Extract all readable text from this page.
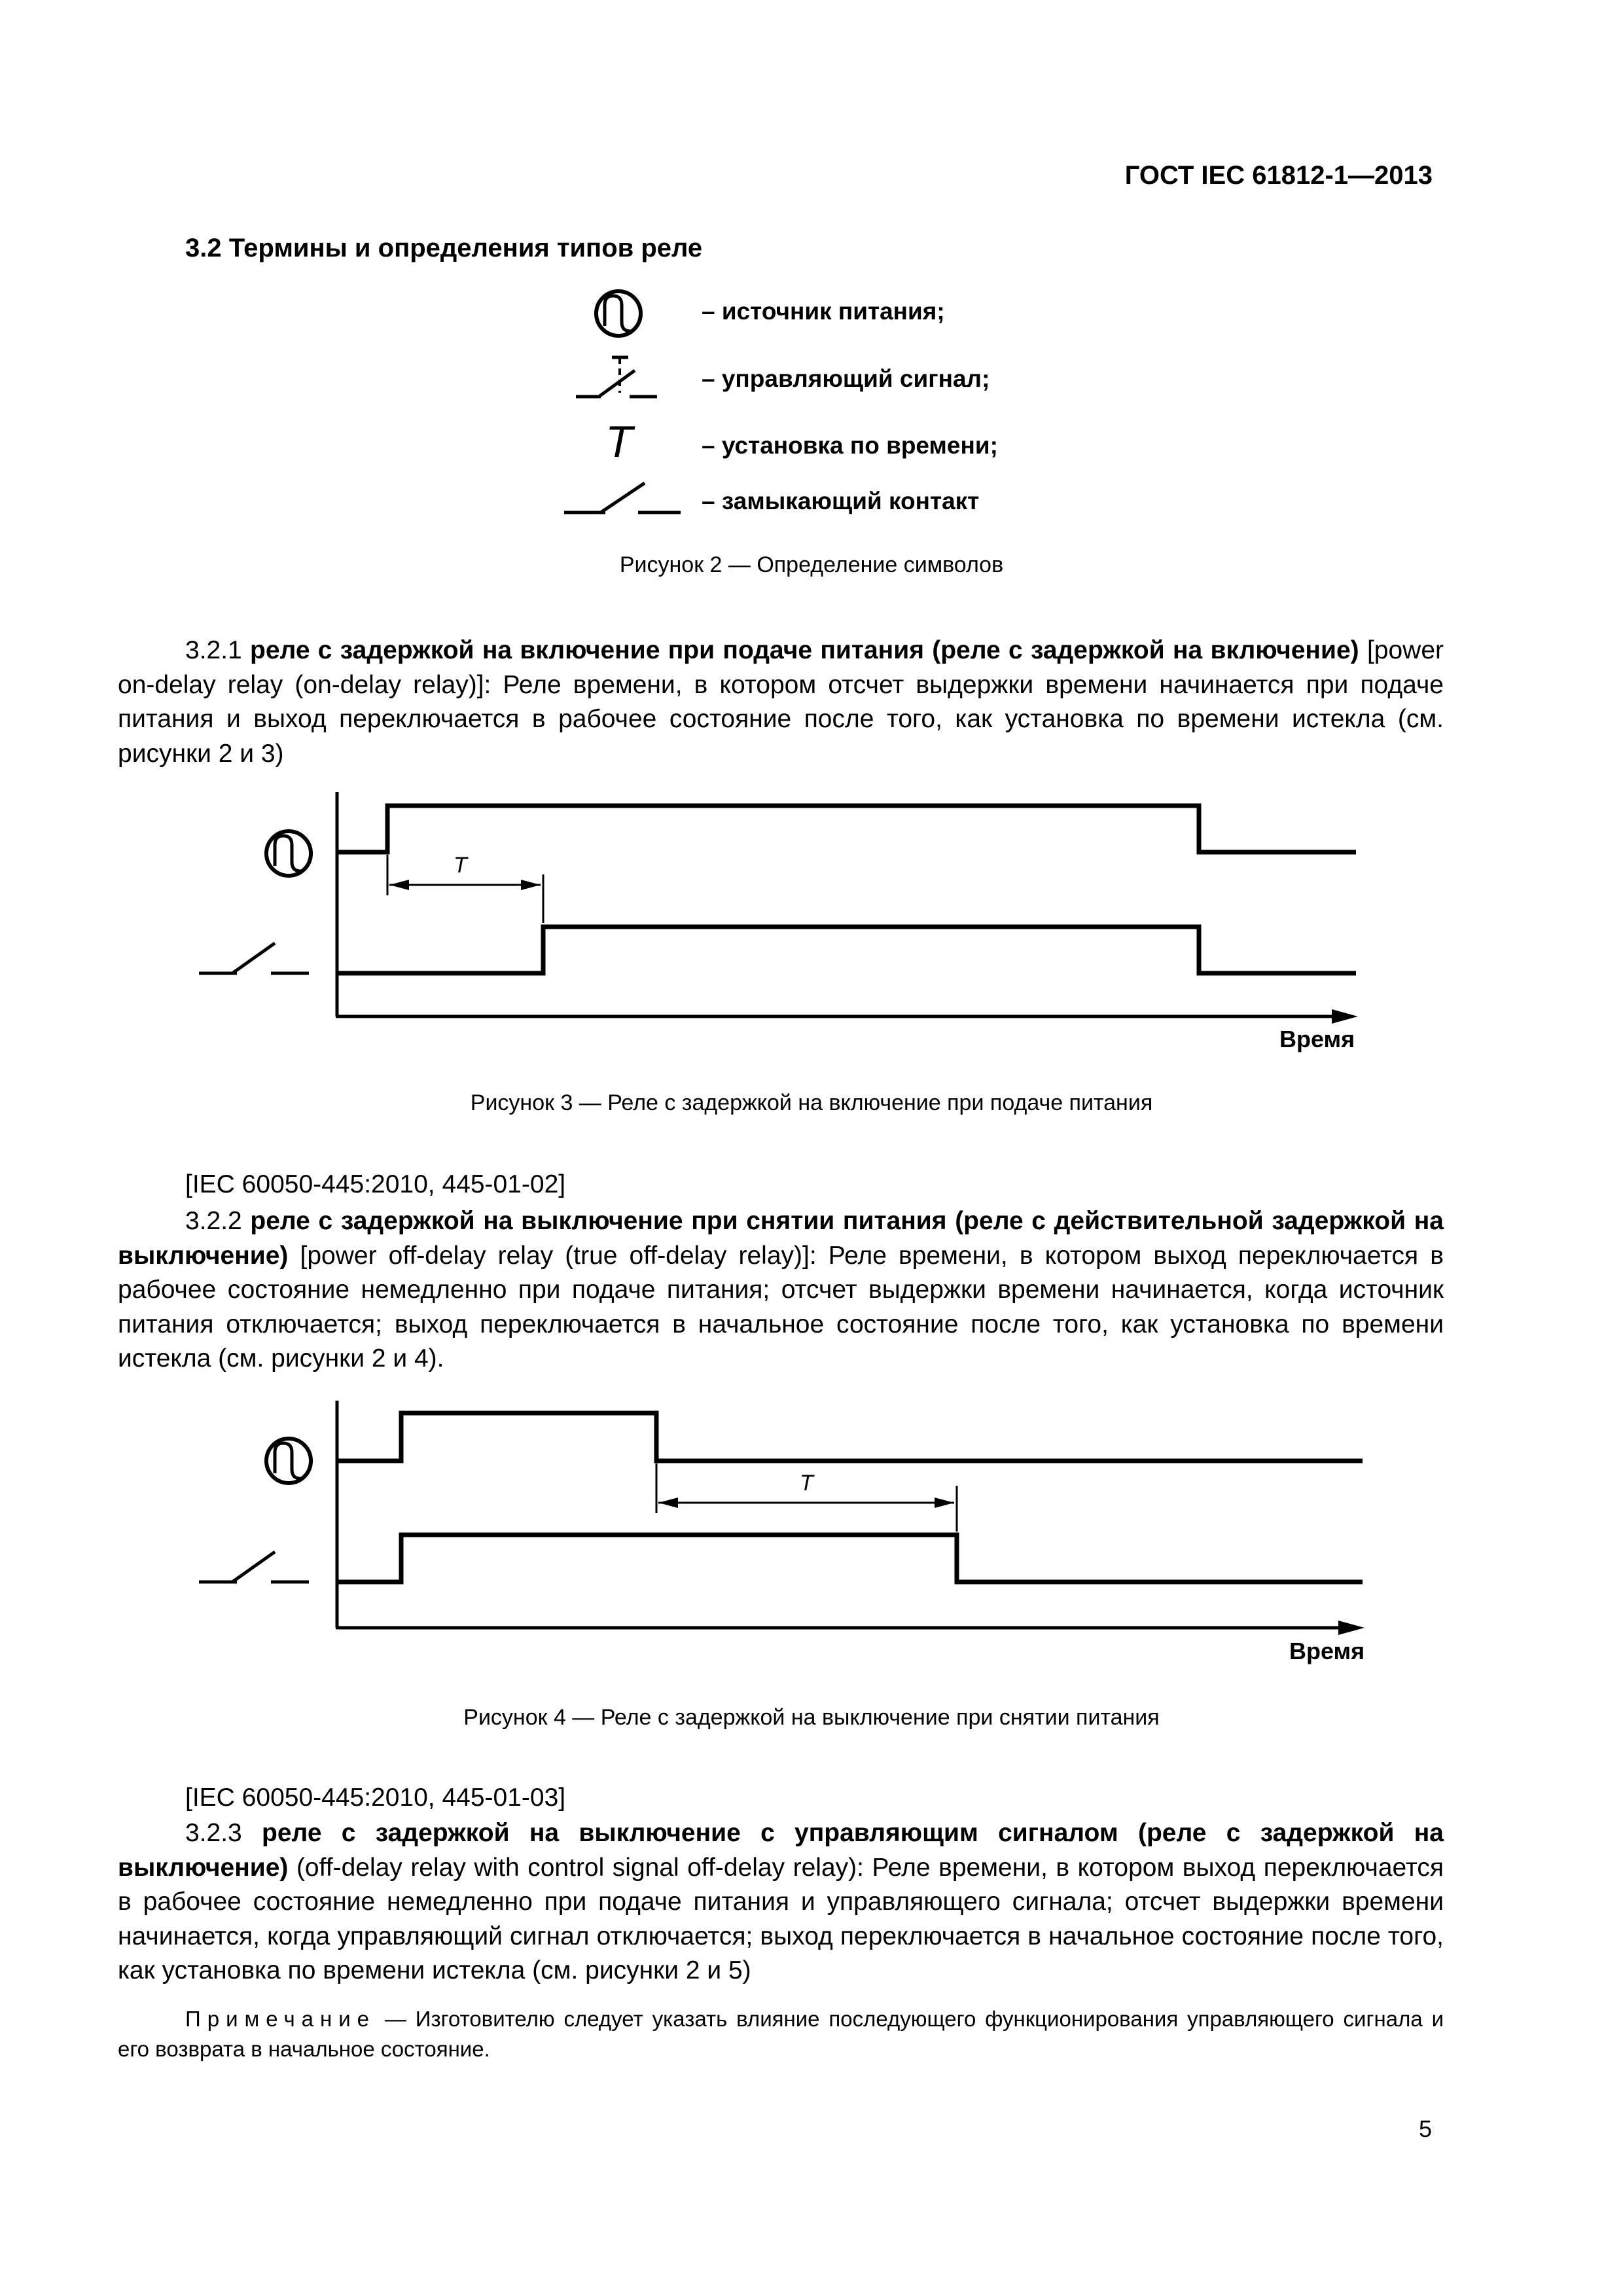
ГОСТ IEC 61812-1—2013
3.2 Термины и определения типов реле
– источник питания;
– управляющий сигнал;
T	– установка по времени;
– замыкающий контакт
Рисунок 2 — Определение символов
3.2.1 реле с задержкой на включение при подаче питания (реле с задержкой на включение) [power on-delay relay (on-delay relay)]: Реле времени, в котором отсчет выдержки времени начинается при подаче питания и выход переключается в рабочее состояние после того, как установка по времени истекла (см. рисунки 2 и 3)
T
Время
Рисунок 3 — Реле с задержкой на включение при подаче питания
[IEC 60050-445:2010, 445-01-02]
3.2.2 реле с задержкой на выключение при снятии питания (реле с действительной задержкой на выключение) [power off-delay relay (true off-delay relay)]: Реле времени, в котором выход переключается в рабочее состояние немедленно при подаче питания; отсчет выдержки времени начинается, когда источник питания отключается; выход переключается в начальное состояние после того, как установка по времени истекла (см. рисунки 2 и 4).
T
Время
Рисунок 4 — Реле с задержкой на выключение при снятии питания
[IEC 60050-445:2010, 445-01-03]
3.2.3 реле с задержкой на выключение с управляющим сигналом (реле с задержкой на выключение) (off-delay relay with control signal off-delay relay): Реле времени, в котором выход переключается в рабочее состояние немедленно при подаче питания и управляющего сигнала; отсчет выдержки времени начинается, когда управляющий сигнал отключается; выход переключается в начальное состояние после того, как установка по времени истекла (см. рисунки 2 и 5)
Примечание — Изготовителю следует указать влияние последующего функционирования управляющего сигнала и его возврата в начальное состояние.
5
